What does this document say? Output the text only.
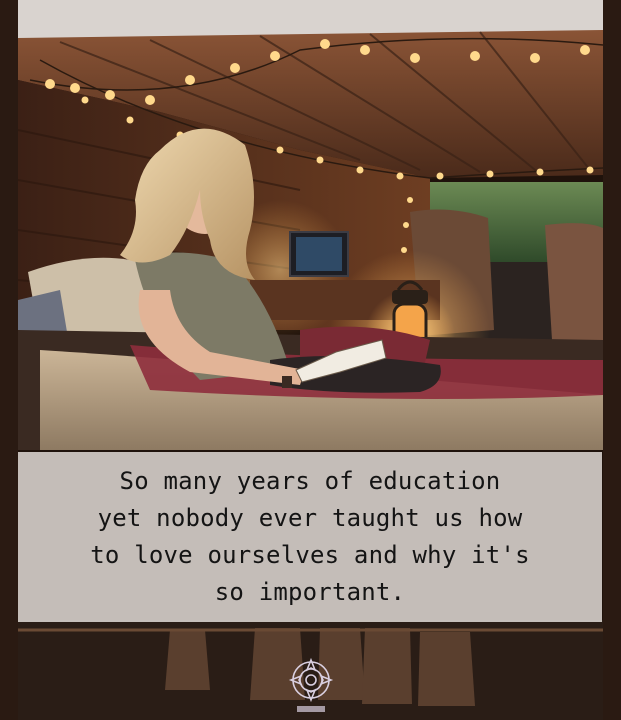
So many years of education
yet nobody ever taught us how
to love ourselves and why it's
so important.
